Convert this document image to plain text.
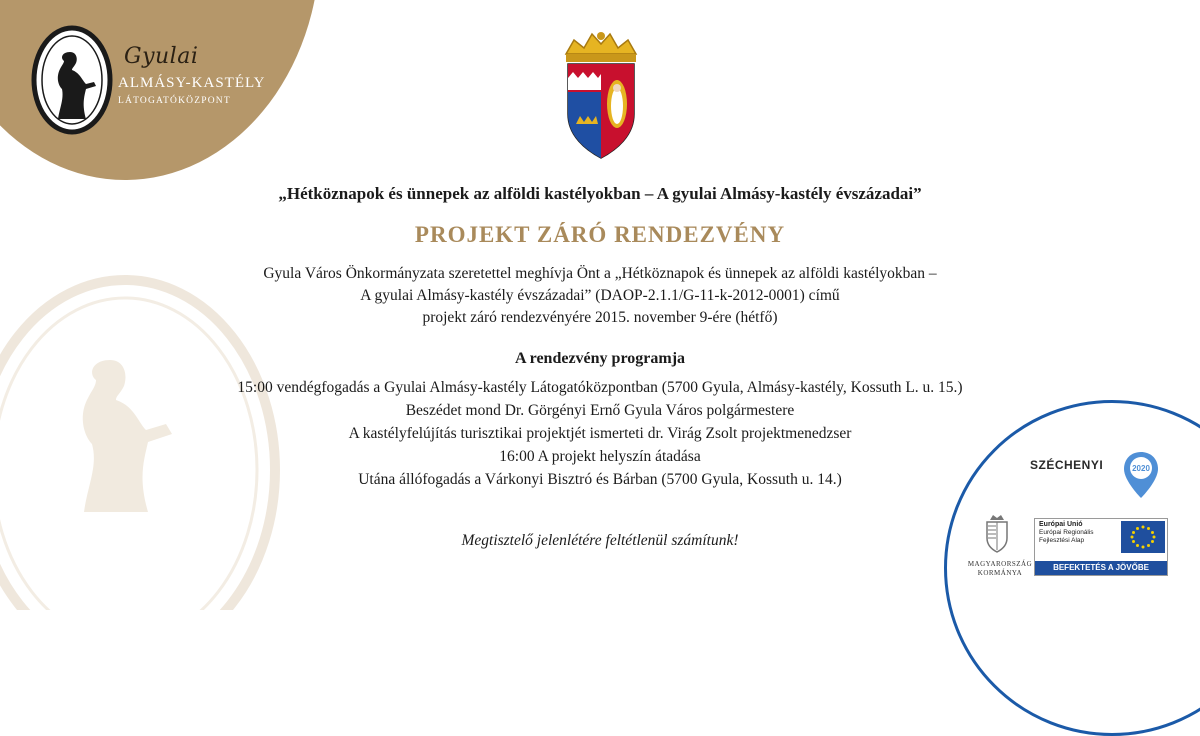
Gyulai
ALMÁSY-KASTÉLY
LÁTOGATÓKÖZPONT
„Hétköznapok és ünnepek az alföldi kastélyokban – A gyulai Almásy-kastély évszázadai”
PROJEKT ZÁRÓ RENDEZVÉNY
Gyula Város Önkormányzata szeretettel meghívja Önt a „Hétköznapok és ünnepek az alföldi kastélyokban –
A gyulai Almásy-kastély évszázadai” (DAOP-2.1.1/G-11-k-2012-0001) című
projekt záró rendezvényére 2015. november 9-ére (hétfő)
A rendezvény programja
15:00 vendégfogadás a Gyulai Almásy-kastély Látogatóközpontban (5700 Gyula, Almásy-kastély, Kossuth L. u. 15.)
Beszédet mond Dr. Görgényi Ernő Gyula Város polgármestere
A kastélyfelújítás turisztikai projektjét ismerteti dr. Virág Zsolt projektmenedzser
16:00 A projekt helyszín átadása
Utána állófogadás a Várkonyi Bisztró és Bárban (5700 Gyula, Kossuth u. 14.)
Megtisztelő jelenlétére feltétlenül számítunk!
SZÉCHENYI	2020
MAGYARORSZÁG
KORMÁNYA
Európai Unió
Európai Regionális
Fejlesztési Alap
BEFEKTETÉS A JÖVŐBE
